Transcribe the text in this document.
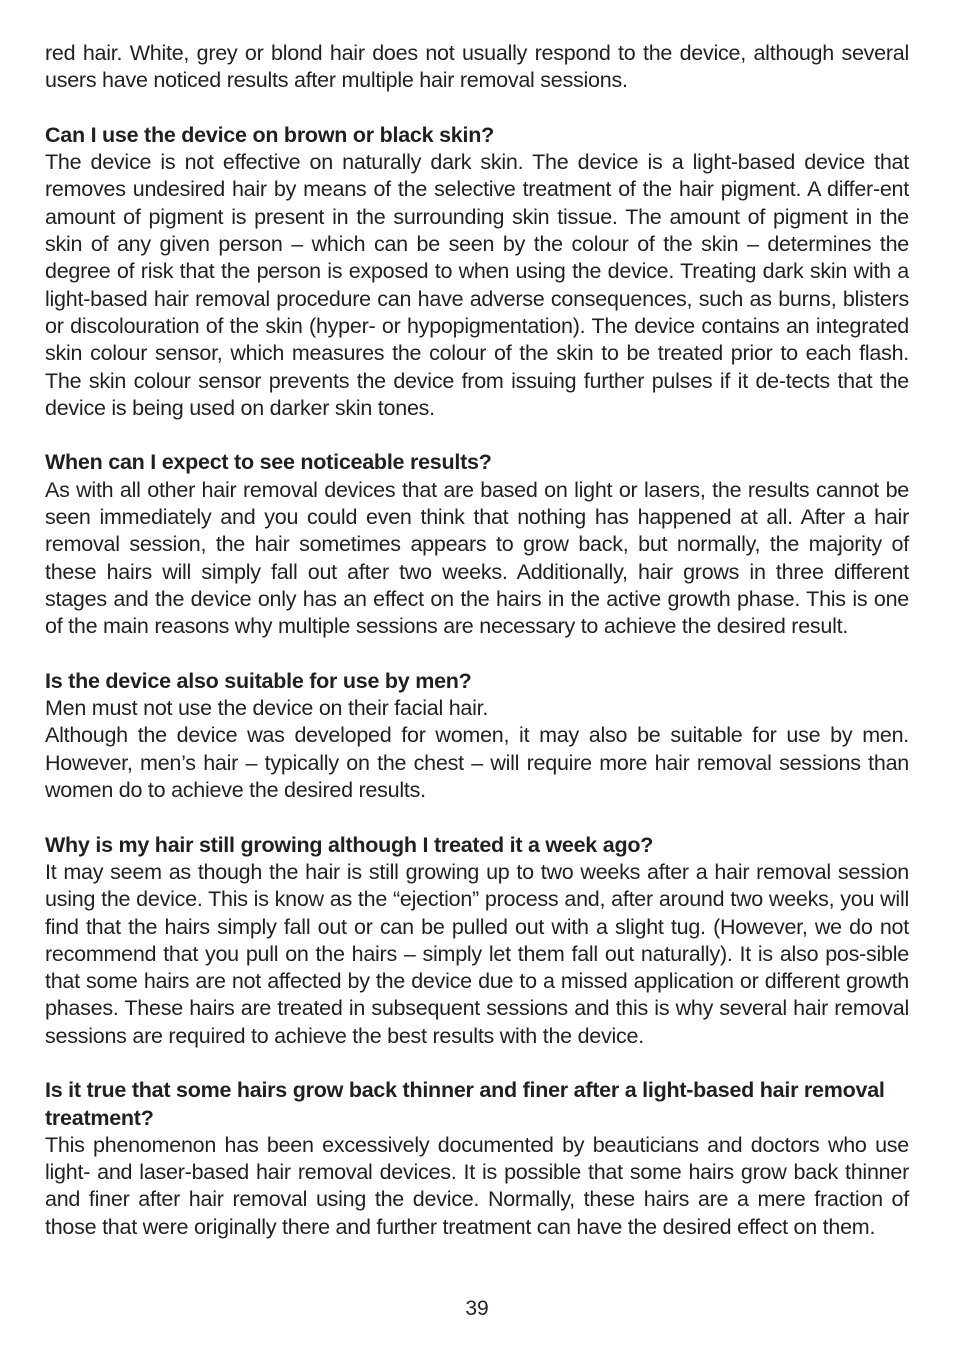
red hair. White, grey or blond hair does not usually respond to the device, although several users have noticed results after multiple hair removal sessions.

Can I use the device on brown or black skin?

The device is not effective on naturally dark skin. The device is a light-based device that removes undesired hair by means of the selective treatment of the hair pigment. A differ-ent amount of pigment is present in the surrounding skin tissue. The amount of pigment in the skin of any given person – which can be seen by the colour of the skin – determines the degree of risk that the person is exposed to when using the device. Treating dark skin with a light-based hair removal procedure can have adverse consequences, such as burns, blisters or discolouration of the skin (hyper- or hypopigmentation). The device contains an integrated skin colour sensor, which measures the colour of the skin to be treated prior to each flash. The skin colour sensor prevents the device from issuing further pulses if it de-tects that the device is being used on darker skin tones.

When can I expect to see noticeable results?

As with all other hair removal devices that are based on light or lasers, the results cannot be seen immediately and you could even think that nothing has happened at all. After a hair removal session, the hair sometimes appears to grow back, but normally, the majority of these hairs will simply fall out after two weeks. Additionally, hair grows in three different stages and the device only has an effect on the hairs in the active growth phase. This is one of the main reasons why multiple sessions are necessary to achieve the desired result.

Is the device also suitable for use by men?

Men must not use the device on their facial hair.

Although the device was developed for women, it may also be suitable for use by men. However, men’s hair – typically on the chest – will require more hair removal sessions than women do to achieve the desired results.

Why is my hair still growing although I treated it a week ago?

It may seem as though the hair is still growing up to two weeks after a hair removal session using the device. This is know as the “ejection” process and, after around two weeks, you will find that the hairs simply fall out or can be pulled out with a slight tug. (However, we do not recommend that you pull on the hairs – simply let them fall out naturally). It is also pos-sible that some hairs are not affected by the device due to a missed application or different growth phases. These hairs are treated in subsequent sessions and this is why several hair removal sessions are required to achieve the best results with the device.

Is it true that some hairs grow back thinner and finer after a light-based hair removal treatment?

This phenomenon has been excessively documented by beauticians and doctors who use light- and laser-based hair removal devices. It is possible that some hairs grow back thinner and finer after hair removal using the device. Normally, these hairs are a mere fraction of those that were originally there and further treatment can have the desired effect on them.

39
